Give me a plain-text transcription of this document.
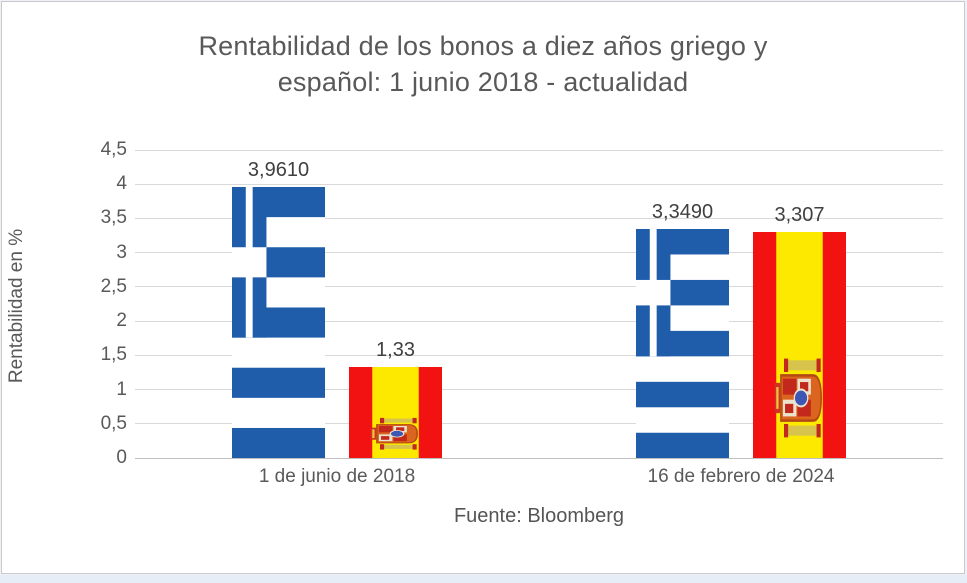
Rentabilidad de los bonos a diez años griego y
español: 1 junio 2018 - actualidad
Rentabilidad en %
4,5
4
3,5
3
2,5
2
1,5
1
0,5
0
3,9610
1,33
3,3490	3,307
1 de junio de 2018	16 de febrero de 2024
Fuente: Bloomberg
